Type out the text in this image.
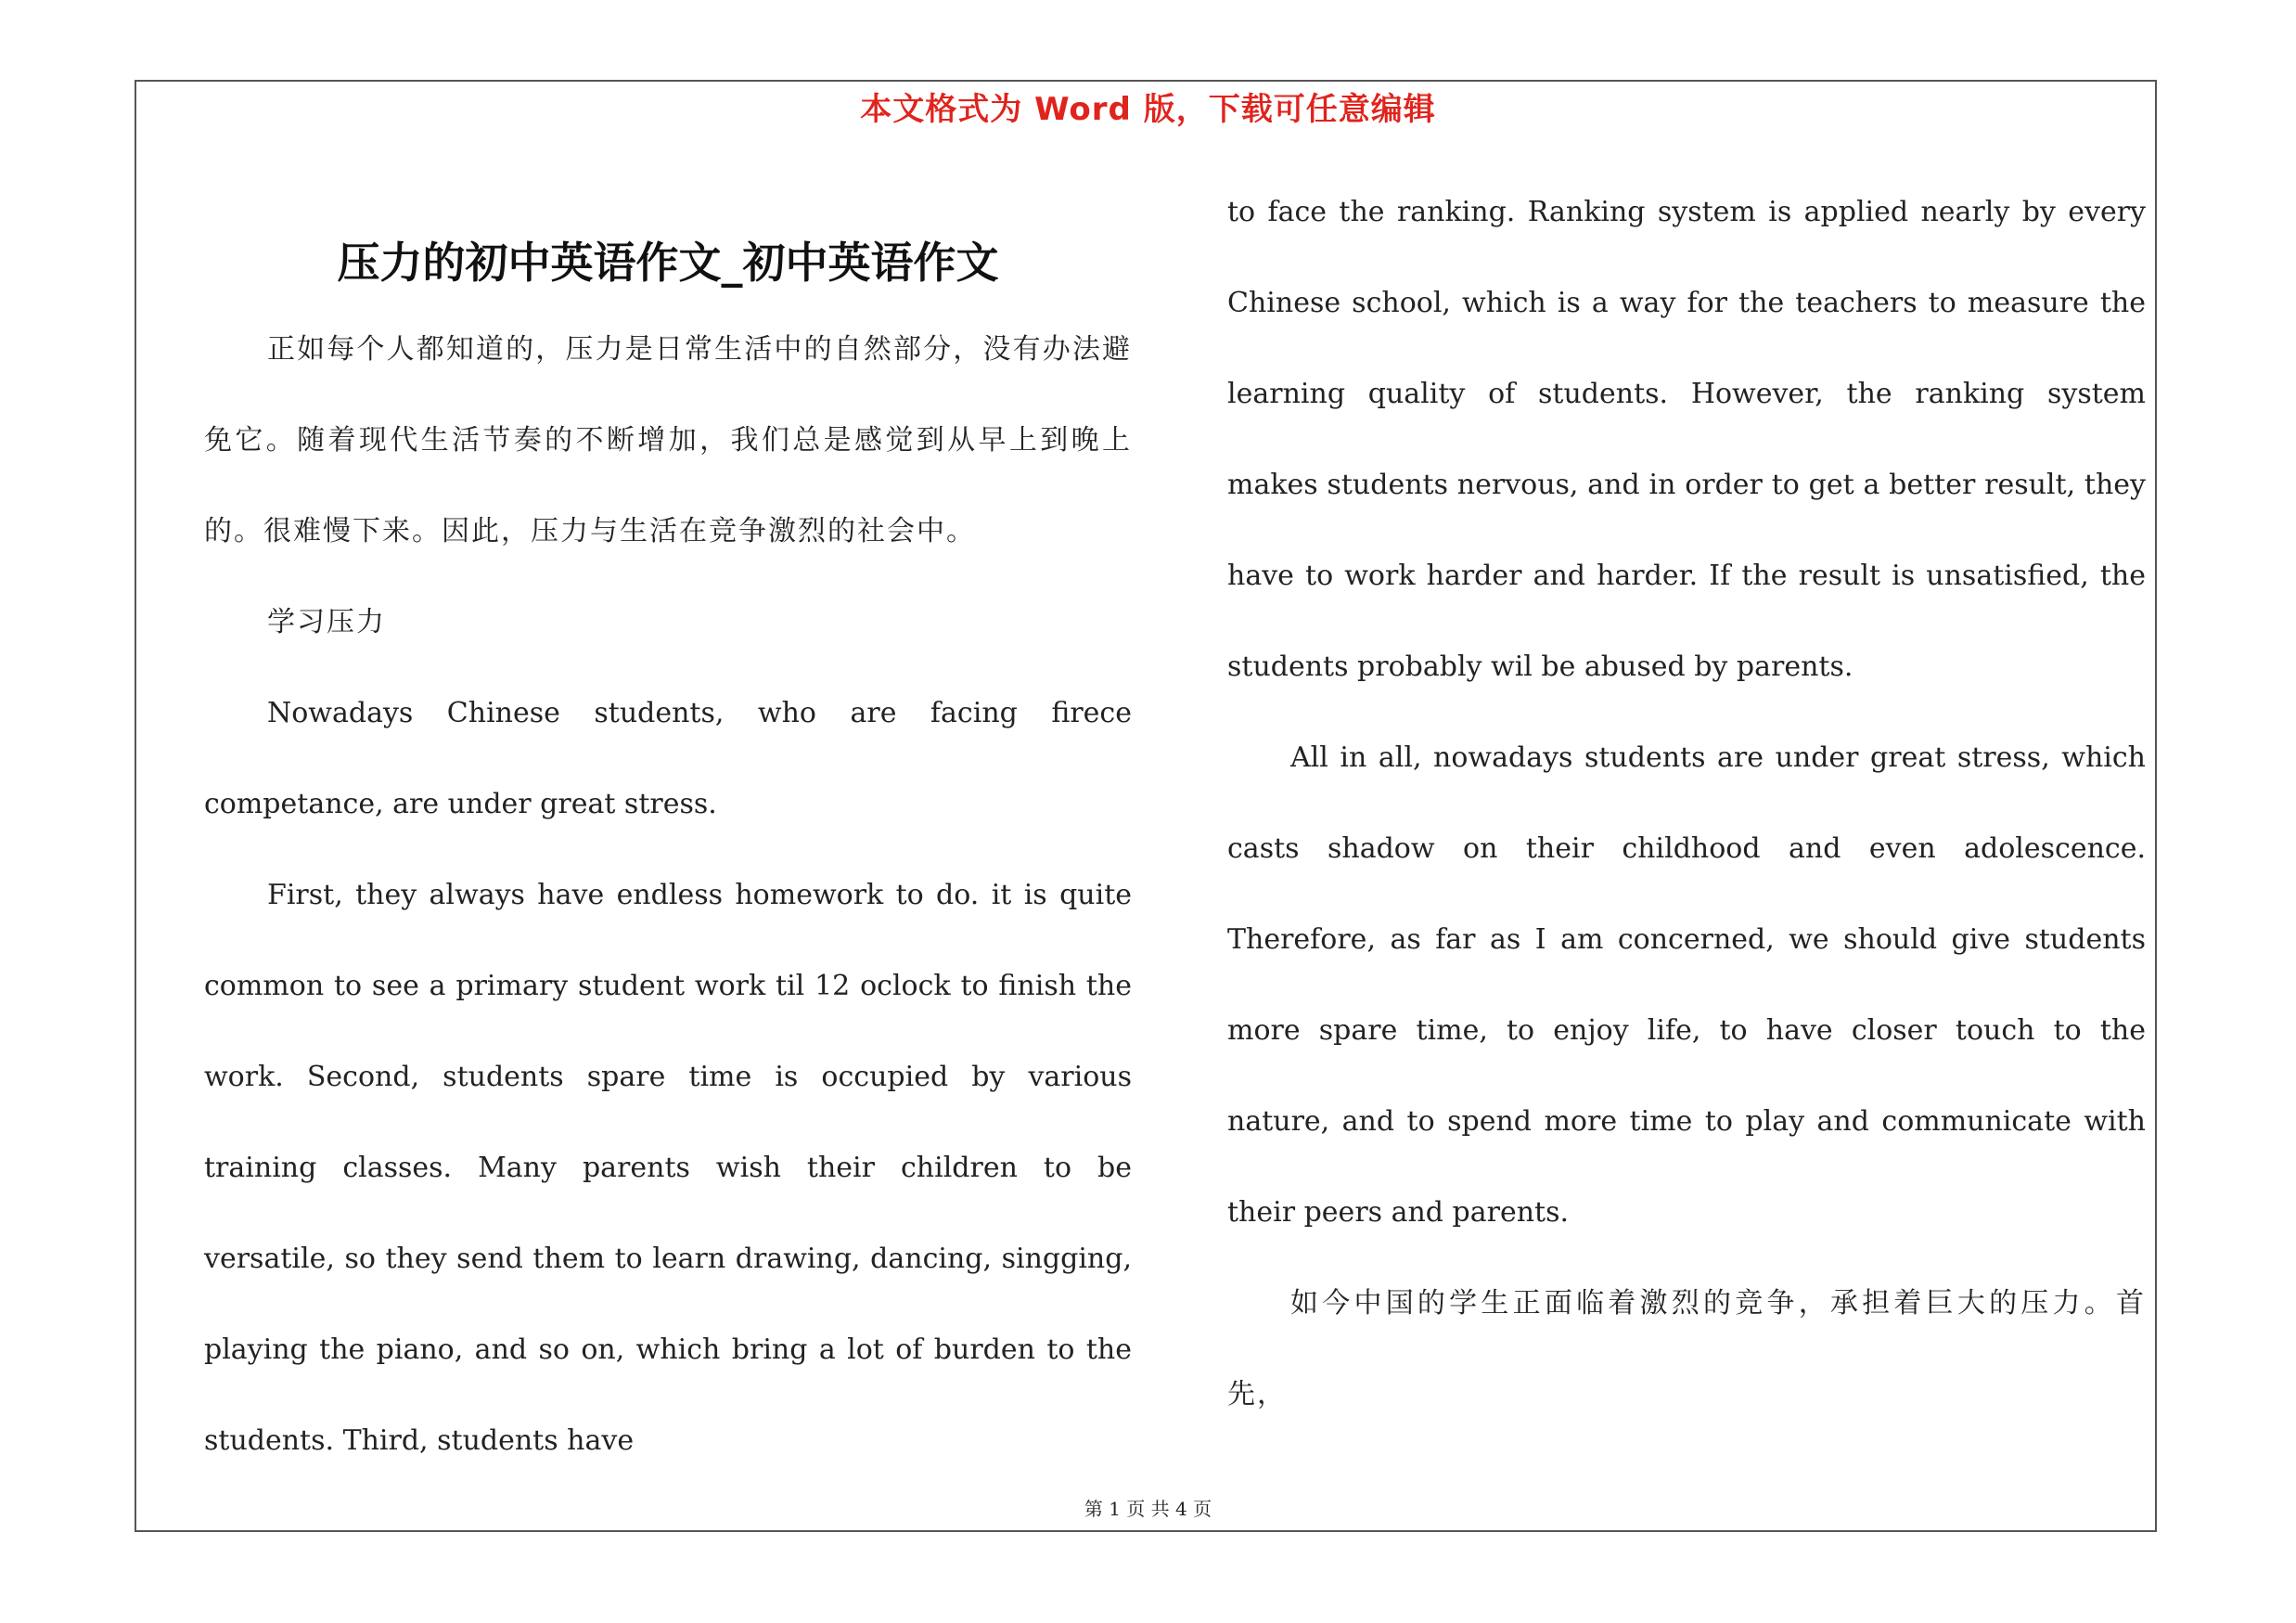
本文格式为 Word 版，下载可任意编辑
压力的初中英语作文_初中英语作文

正如每个人都知道的，压力是日常生活中的自然部分，没有办法避免它。随着现代生活节奏的不断增加，我们总是感觉到从早上到晚上的。很难慢下来。因此，压力与生活在竞争激烈的社会中。

学习压力

Nowadays Chinese students, who are facing firece competance, are under great stress.

First, they always have endless homework to do. it is quite common to see a primary student work til 12 oclock to finish the work. Second, students spare time is occupied by various training classes. Many parents wish their children to be versatile, so they send them to learn drawing, dancing, singging, playing the piano, and so on, which bring a lot of burden to the students. Third, students have

to face the ranking. Ranking system is applied nearly by every Chinese school, which is a way for the teachers to measure the learning quality of students. However, the ranking system makes students nervous, and in order to get a better result, they have to work harder and harder. If the result is unsatisfied, the students probably wil be abused by parents.

All in all, nowadays students are under great stress, which casts shadow on their childhood and even adolescence. Therefore, as far as I am concerned, we should give students more spare time, to enjoy life, to have closer touch to the nature, and to spend more time to play and communicate with their peers and parents.

如今中国的学生正面临着激烈的竞争，承担着巨大的压力。首先，

第 1 页 共 4 页
